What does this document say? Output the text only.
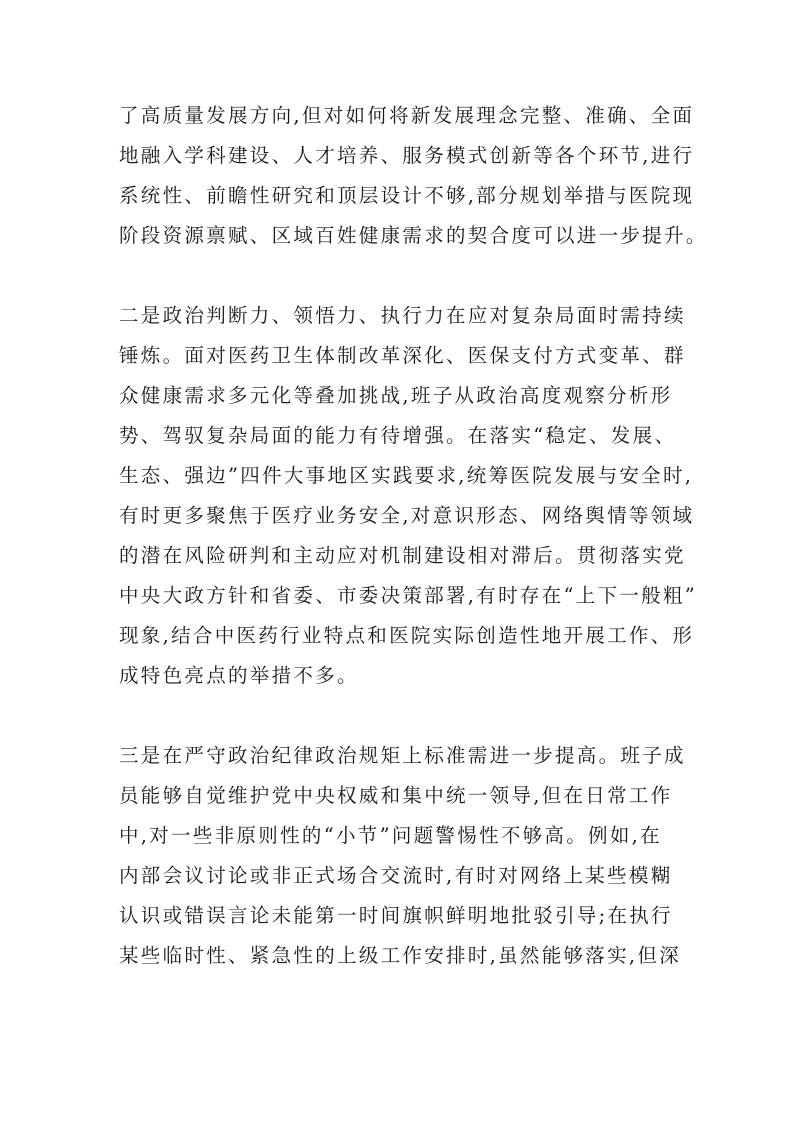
了高质量发展方向,但对如何将新发展理念完整、准确、全面
地融入学科建设、人才培养、服务模式创新等各个环节,进行
系统性、前瞻性研究和顶层设计不够,部分规划举措与医院现
阶段资源禀赋、区域百姓健康需求的契合度可以进一步提升。
二是政治判断力、领悟力、执行力在应对复杂局面时需持续
锤炼。面对医药卫生体制改革深化、医保支付方式变革、群
众健康需求多元化等叠加挑战,班子从政治高度观察分析形
势、驾驭复杂局面的能力有待增强。在落实“稳定、发展、
生态、强边”四件大事地区实践要求,统筹医院发展与安全时,
有时更多聚焦于医疗业务安全,对意识形态、网络舆情等领域
的潜在风险研判和主动应对机制建设相对滞后。贯彻落实党
中央大政方针和省委、市委决策部署,有时存在“上下一般粗”
现象,结合中医药行业特点和医院实际创造性地开展工作、形
成特色亮点的举措不多。
三是在严守政治纪律政治规矩上标准需进一步提高。班子成
员能够自觉维护党中央权威和集中统一领导,但在日常工作
中,对一些非原则性的“小节”问题警惕性不够高。例如,在
内部会议讨论或非正式场合交流时,有时对网络上某些模糊
认识或错误言论未能第一时间旗帜鲜明地批驳引导;在执行
某些临时性、紧急性的上级工作安排时,虽然能够落实,但深
